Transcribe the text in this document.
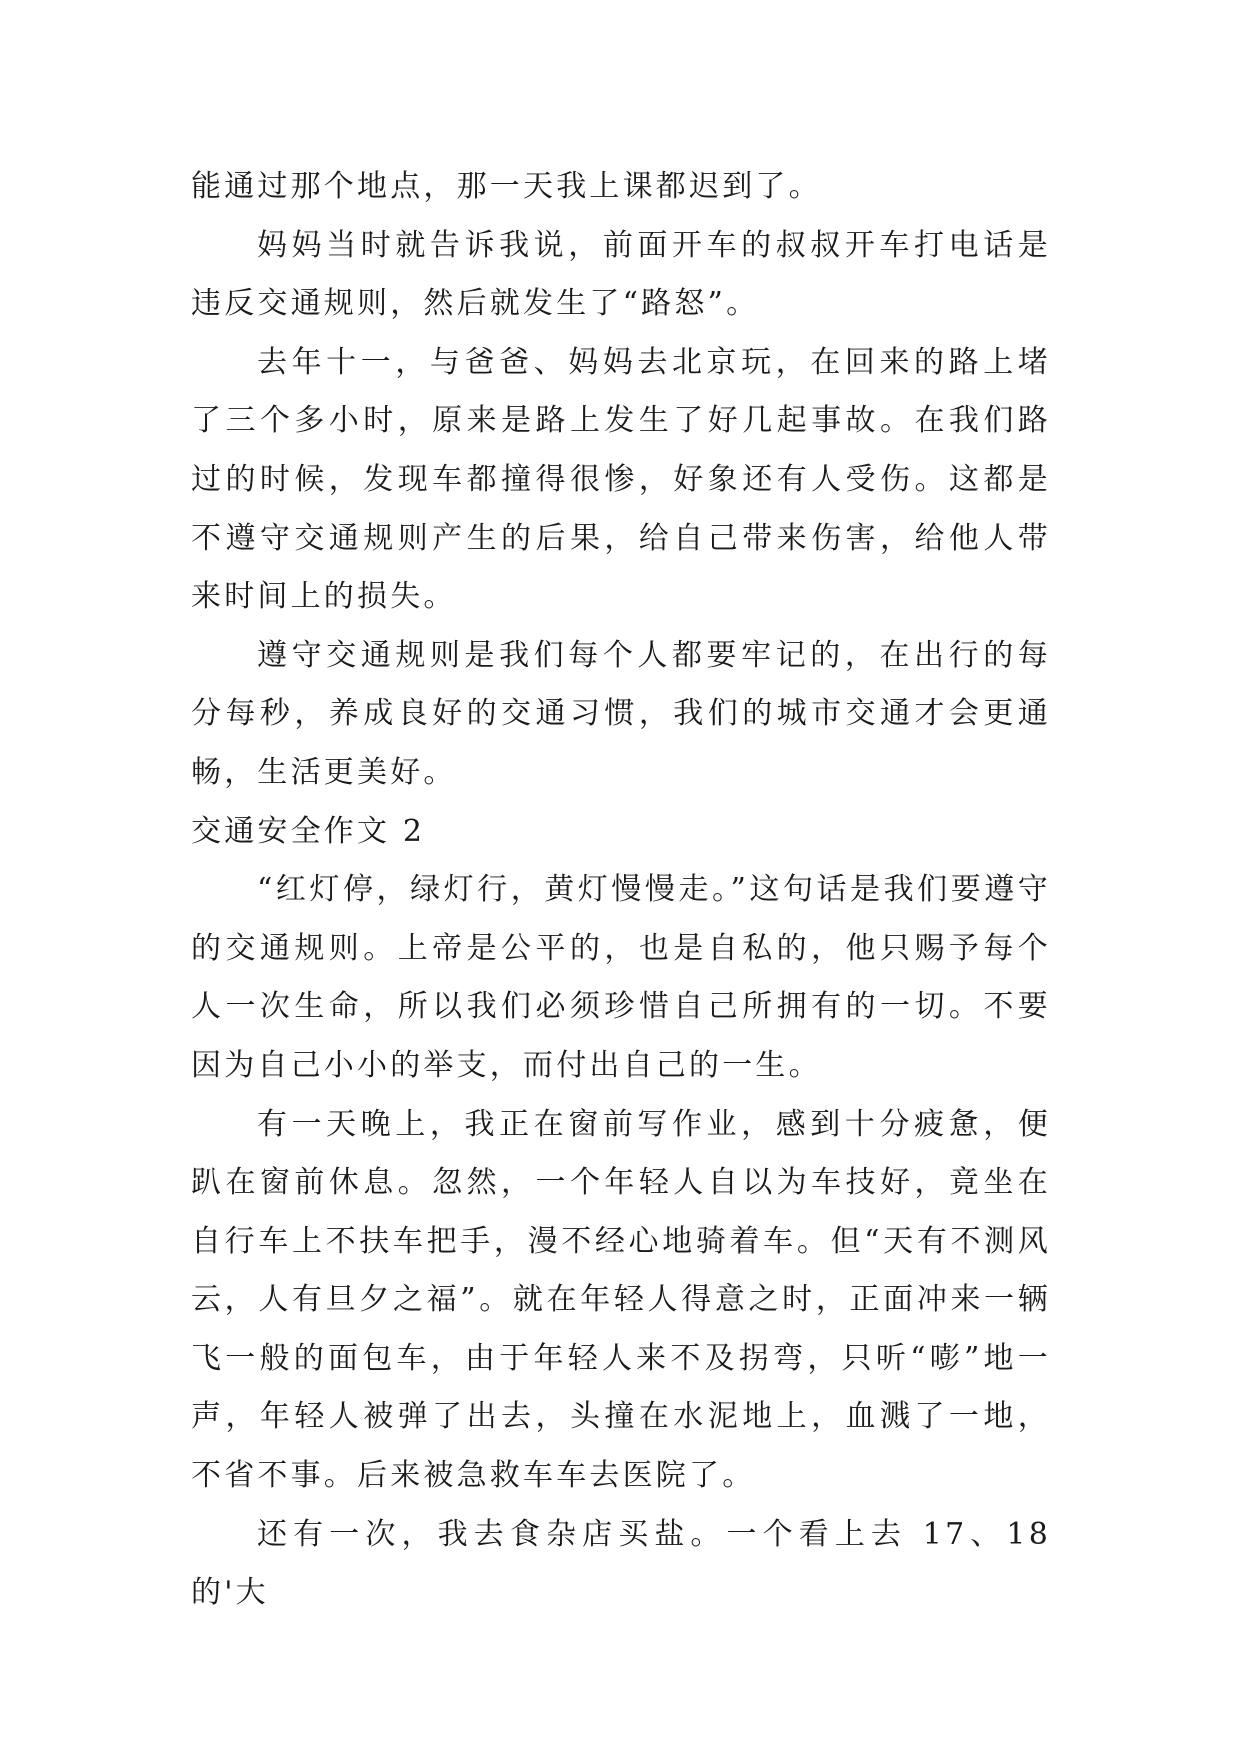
能通过那个地点，那一天我上课都迟到了。

妈妈当时就告诉我说，前面开车的叔叔开车打电话是违反交通规则，然后就发生了“路怒”。

去年十一，与爸爸、妈妈去北京玩，在回来的路上堵了三个多小时，原来是路上发生了好几起事故。在我们路过的时候，发现车都撞得很惨，好象还有人受伤。这都是不遵守交通规则产生的后果，给自己带来伤害，给他人带来时间上的损失。

遵守交通规则是我们每个人都要牢记的，在出行的每分每秒，养成良好的交通习惯，我们的城市交通才会更通畅，生活更美好。

交通安全作文 2

“红灯停，绿灯行，黄灯慢慢走。”这句话是我们要遵守的交通规则。上帝是公平的，也是自私的，他只赐予每个人一次生命，所以我们必须珍惜自己所拥有的一切。不要因为自己小小的举支，而付出自己的一生。

有一天晚上，我正在窗前写作业，感到十分疲惫，便趴在窗前休息。忽然，一个年轻人自以为车技好，竟坐在自行车上不扶车把手，漫不经心地骑着车。但“天有不测风云，人有旦夕之福”。就在年轻人得意之时，正面冲来一辆飞一般的面包车，由于年轻人来不及拐弯，只听“嘭”地一声，年轻人被弹了出去，头撞在水泥地上，血溅了一地，不省不事。后来被急救车车去医院了。

还有一次，我去食杂店买盐。一个看上去 17、18 的'大
